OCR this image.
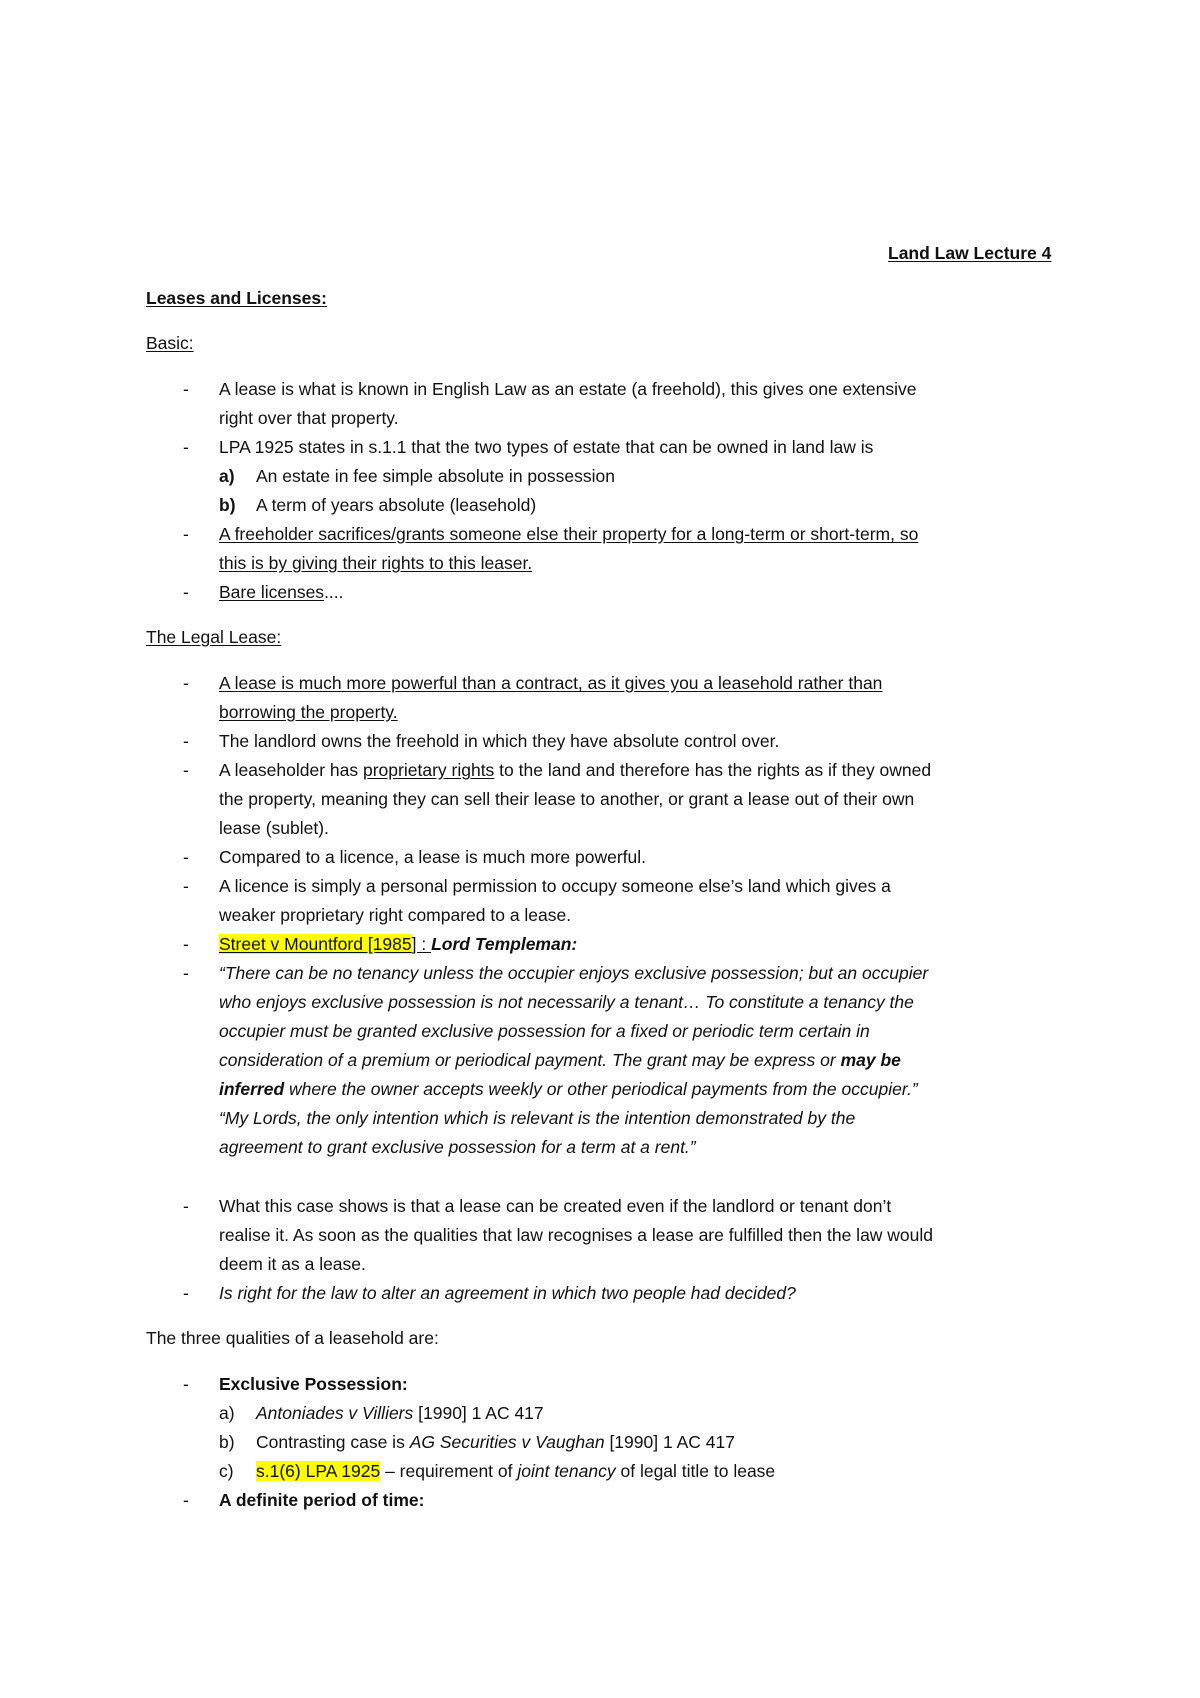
Land Law Lecture 4
Leases and Licenses:
Basic:
- A lease is what is known in English Law as an estate (a freehold), this gives one extensive
right over that property.
- LPA 1925 states in s.1.1 that the two types of estate that can be owned in land law is
a) An estate in fee simple absolute in possession
b) A term of years absolute (leasehold)
- A freeholder sacrifices/grants someone else their property for a long-term or short-term, so
this is by giving their rights to this leaser.
- Bare licenses....
The Legal Lease:
- A lease is much more powerful than a contract, as it gives you a leasehold rather than
borrowing the property.
- The landlord owns the freehold in which they have absolute control over.
- A leaseholder has proprietary rights to the land and therefore has the rights as if they owned
the property, meaning they can sell their lease to another, or grant a lease out of their own
lease (sublet).
- Compared to a licence, a lease is much more powerful.
- A licence is simply a personal permission to occupy someone else’s land which gives a
weaker proprietary right compared to a lease.
- Street v Mountford [1985] : Lord Templeman:
- “There can be no tenancy unless the occupier enjoys exclusive possession; but an occupier
who enjoys exclusive possession is not necessarily a tenant… To constitute a tenancy the
occupier must be granted exclusive possession for a fixed or periodic term certain in
consideration of a premium or periodical payment. The grant may be express or may be
inferred where the owner accepts weekly or other periodical payments from the occupier.”
“My Lords, the only intention which is relevant is the intention demonstrated by the
agreement to grant exclusive possession for a term at a rent.”
- What this case shows is that a lease can be created even if the landlord or tenant don’t
realise it. As soon as the qualities that law recognises a lease are fulfilled then the law would
deem it as a lease.
- Is right for the law to alter an agreement in which two people had decided?
The three qualities of a leasehold are:
- Exclusive Possession:
a) Antoniades v Villiers [1990] 1 AC 417
b) Contrasting case is AG Securities v Vaughan [1990] 1 AC 417
c) s.1(6) LPA 1925 – requirement of joint tenancy of legal title to lease
- A definite period of time:
